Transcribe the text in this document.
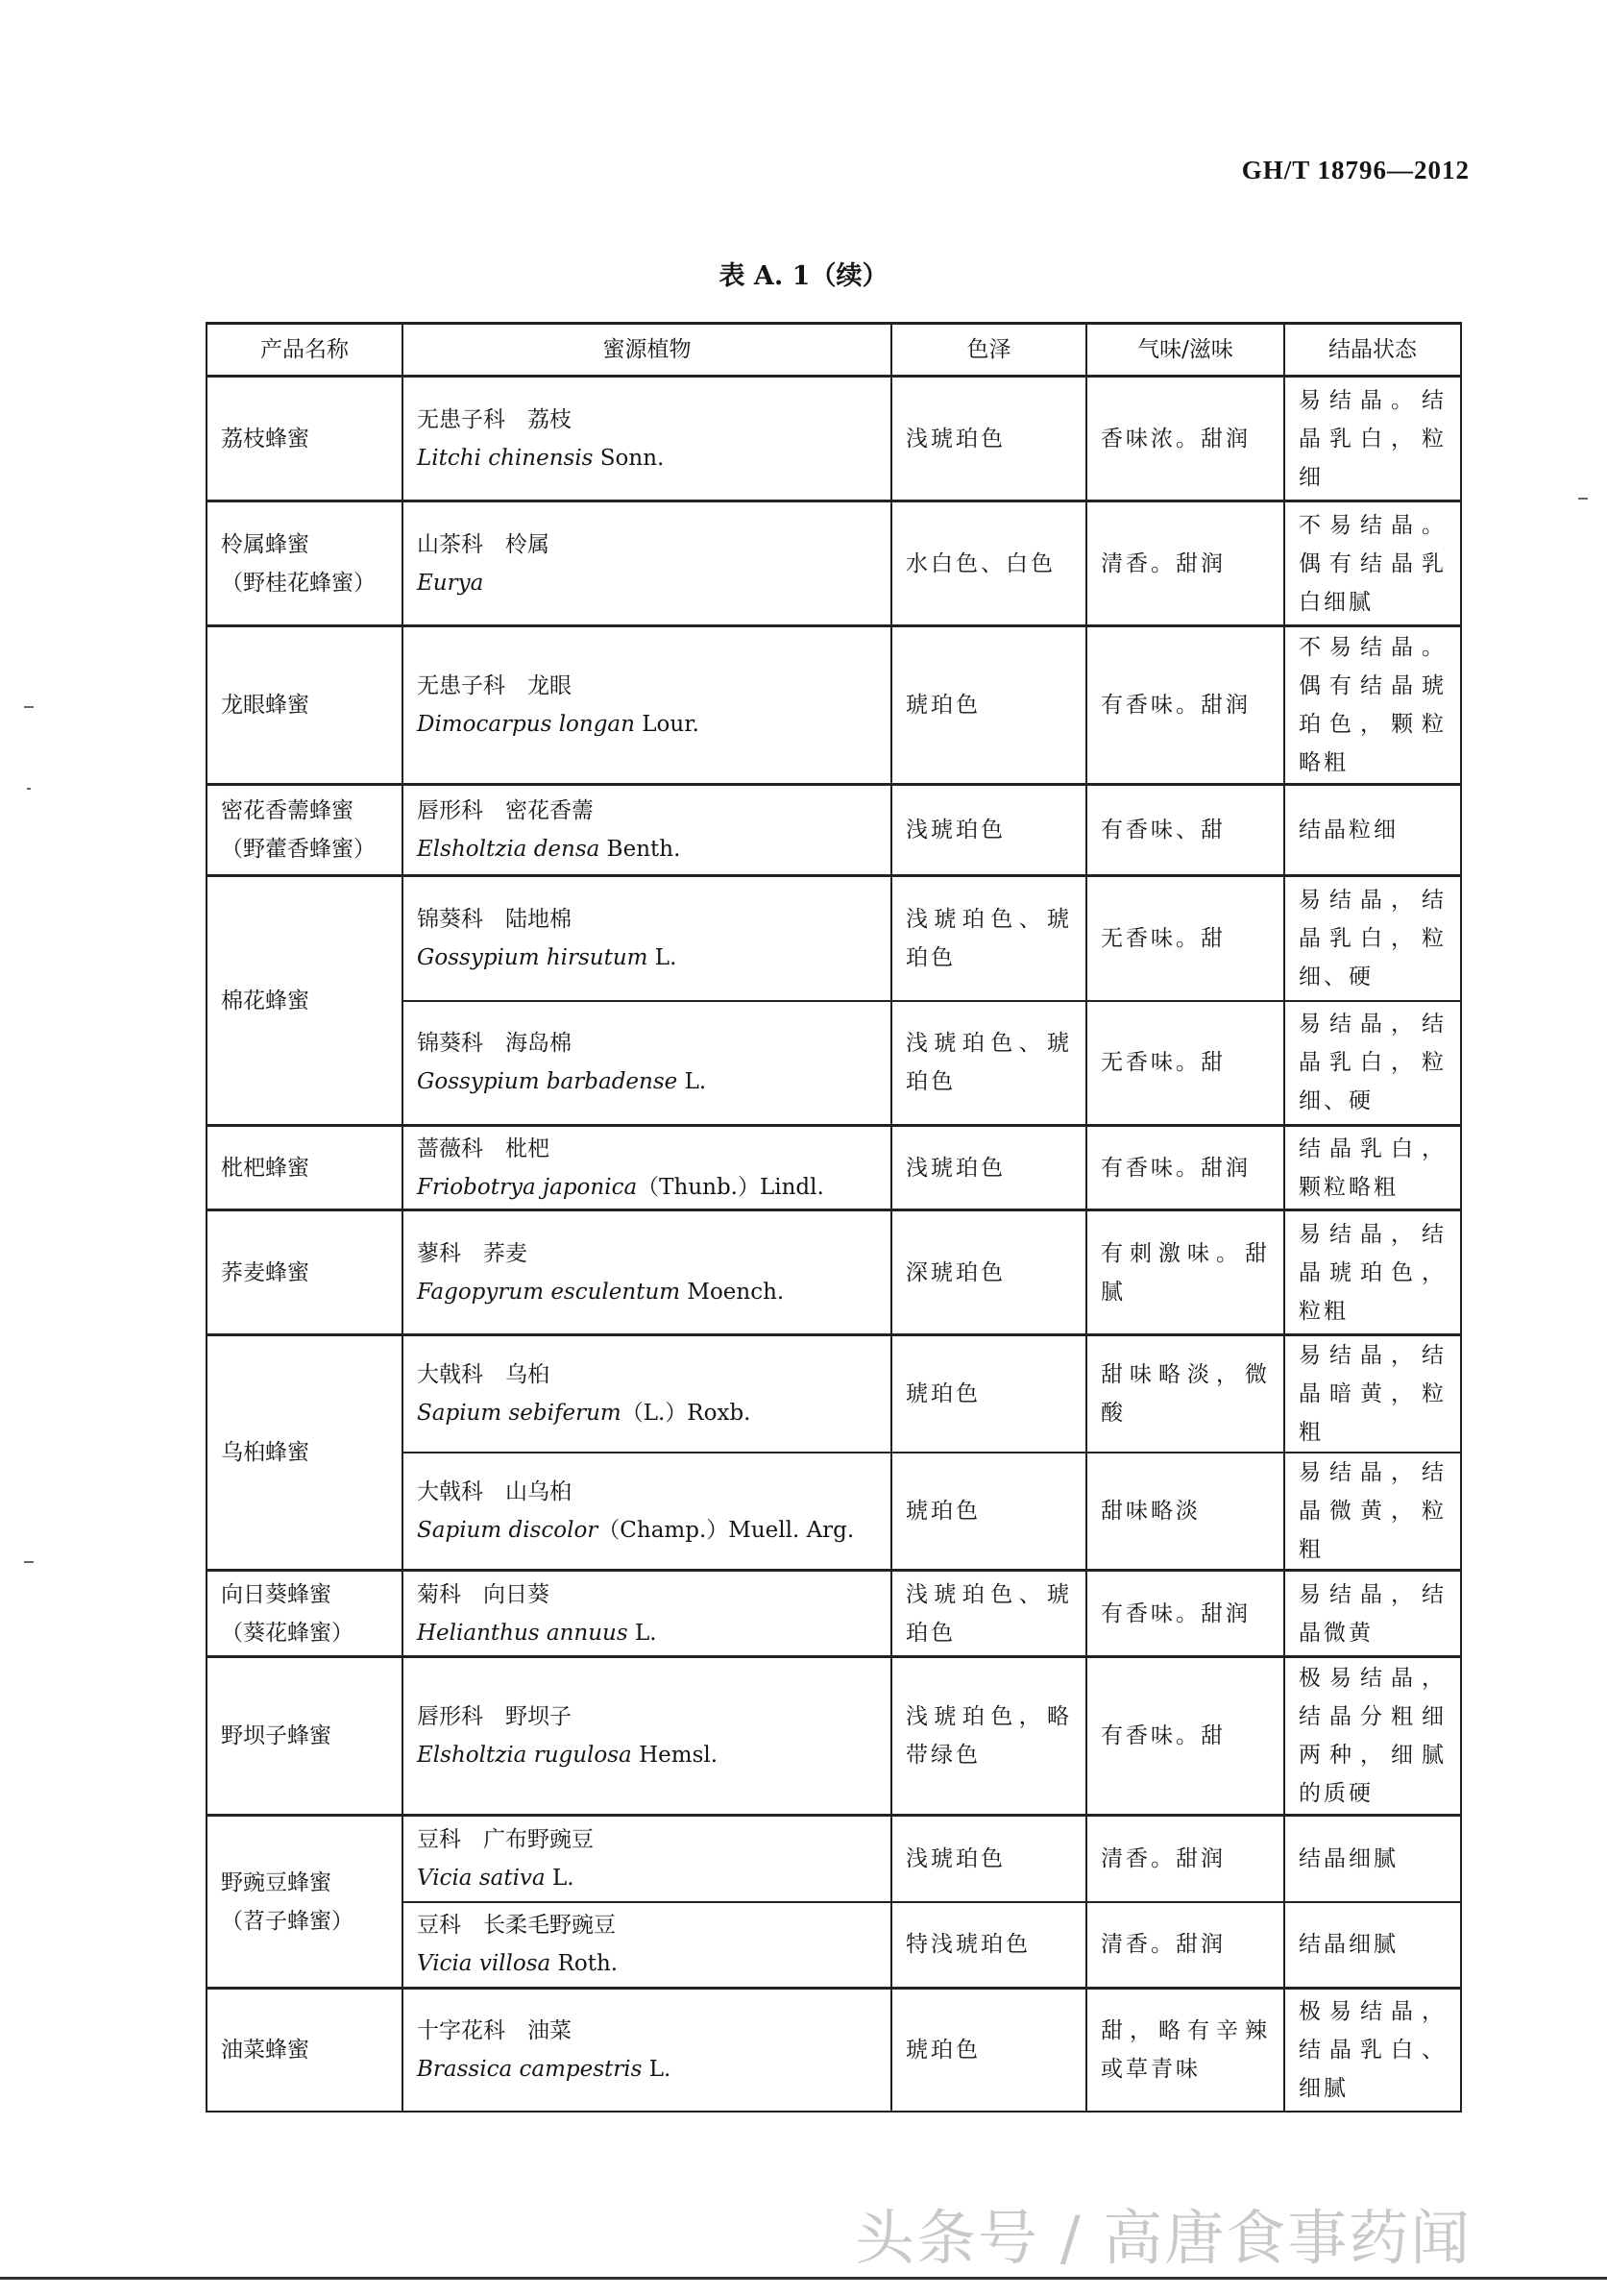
GH/T 18796—2012
表 A. 1（续）
产品名称	蜜源植物	色泽	气味/滋味	结晶状态

荔枝蜂蜜	无患子科　荔枝
Litchi chinensis Sonn.	浅琥珀色	香味浓。甜润	易结晶。结晶乳白，粒细

柃属蜂蜜
（野桂花蜂蜜）	山茶科　柃属
Eurya	水白色、白色	清香。甜润	不易结晶。偶有结晶乳白细腻

龙眼蜂蜜	无患子科　龙眼
Dimocarpus longan Lour.	琥珀色	有香味。甜润	不易结晶。偶有结晶琥珀色，颗粒略粗

密花香薷蜂蜜
（野藿香蜂蜜）	唇形科　密花香薷
Elsholtzia densa Benth.	浅琥珀色	有香味、甜	结晶粒细

棉花蜂蜜	锦葵科　陆地棉
Gossypium hirsutum L.	浅琥珀色、琥珀色	无香味。甜	易结晶，结晶乳白，粒细、硬

	锦葵科　海岛棉
Gossypium barbadense L.	浅琥珀色、琥珀色	无香味。甜	易结晶，结晶乳白，粒细、硬

枇杷蜂蜜	蔷薇科　枇杷
Friobotrya japonica（Thunb.）Lindl.	浅琥珀色	有香味。甜润	结晶乳白，颗粒略粗

荞麦蜂蜜	蓼科　荞麦
Fagopyrum esculentum Moench.	深琥珀色	有刺激味。甜腻	易结晶，结晶琥珀色，粒粗

乌桕蜂蜜	大戟科　乌桕
Sapium sebiferum（L.）Roxb.	琥珀色	甜味略淡，微酸	易结晶，结晶暗黄，粒粗

	大戟科　山乌桕
Sapium discolor（Champ.）Muell. Arg.	琥珀色	甜味略淡	易结晶，结晶微黄，粒粗

向日葵蜂蜜
（葵花蜂蜜）	菊科　向日葵
Helianthus annuus L.	浅琥珀色、琥珀色	有香味。甜润	易结晶，结晶微黄

野坝子蜂蜜	唇形科　野坝子
Elsholtzia rugulosa Hemsl.	浅琥珀色，略带绿色	有香味。甜	极易结晶，结晶分粗细两种，细腻的质硬

野豌豆蜂蜜
（苕子蜂蜜）	豆科　广布野豌豆
Vicia sativa L.	浅琥珀色	清香。甜润	结晶细腻

	豆科　长柔毛野豌豆
Vicia villosa Roth.	特浅琥珀色	清香。甜润	结晶细腻

油菜蜂蜜	十字花科　油菜
Brassica campestris L.	琥珀色	甜，略有辛辣或草青味	极易结晶，结晶乳白、细腻
头条号 / 高唐食事药闻
